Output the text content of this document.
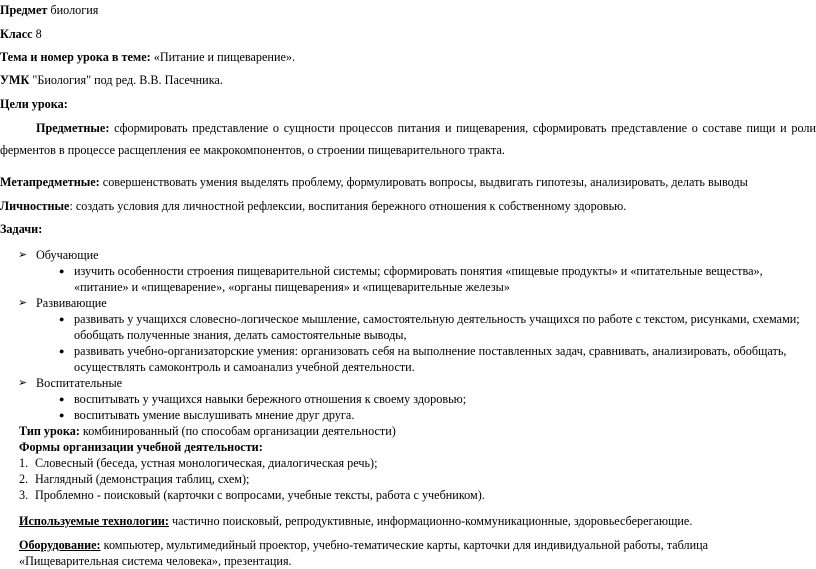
Предмет биология
Класс 8
Тема и номер урока в теме: «Питание и пищеварение».
УМК "Биология" под ред. В.В. Пасечника.
Цели урока:
Предметные: сформировать представление о сущности процессов питания и пищеварения, сформировать представление о составе пищи и роли
ферментов в процессе расщепления ее макрокомпонентов, о строении пищеварительного тракта.
Метапредметные: совершенствовать умения выделять проблему, формулировать вопросы, выдвигать гипотезы, анализировать, делать выводы
Личностные: создать условия для личностной рефлексии, воспитания бережного отношения к собственному здоровью.
Задачи:
➢ Обучающие
● изучить особенности строения пищеварительной системы; сформировать понятия «пищевые продукты» и «питательные вещества»,
«питание» и «пищеварение», «органы пищеварения» и «пищеварительные железы»
➢ Развивающие
● развивать у учащихся словесно-логическое мышление, самостоятельную деятельность учащихся по работе с текстом, рисунками, схемами;
обобщать полученные знания, делать самостоятельные выводы,
● развивать учебно-организаторские умения: организовать себя на выполнение поставленных задач, сравнивать, анализировать, обобщать,
осуществлять самоконтроль и самоанализ учебной деятельности.
➢ Воспитательные
● воспитывать у учащихся навыки бережного отношения к своему здоровью;
● воспитывать умение выслушивать мнение друг друга.
Тип урока: комбинированный (по способам организации деятельности)
Формы организации учебной деятельности:
1. Словесный (беседа, устная монологическая, диалогическая речь);
2. Наглядный (демонстрация таблиц, схем);
3. Проблемно - поисковый (карточки с вопросами, учебные тексты, работа с учебником).
Используемые технологии: частично поисковый, репродуктивные, информационно-коммуникационные, здоровьесберегающие.
Оборудование: компьютер, мультимедийный проектор, учебно-тематические карты, карточки для индивидуальной работы, таблица
«Пищеварительная система человека», презентация.
